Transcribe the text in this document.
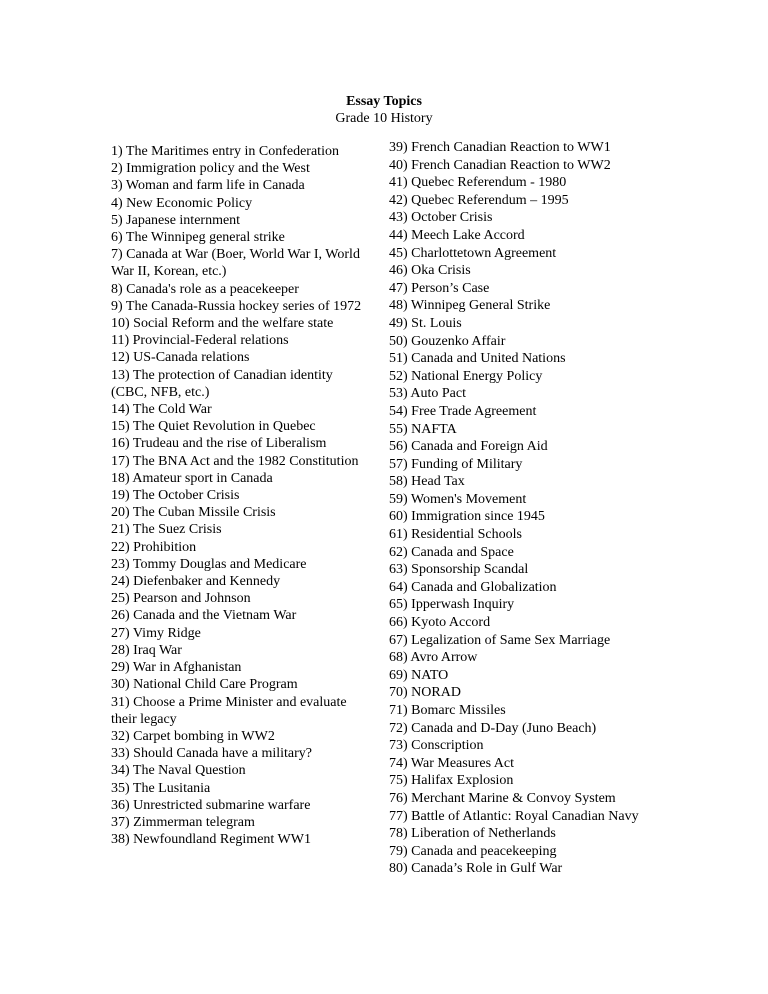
Essay Topics
Grade 10 History
1) The Maritimes entry in Confederation
2) Immigration policy and the West
3) Woman and farm life in Canada
4) New Economic Policy
5) Japanese internment
6) The Winnipeg general strike
7) Canada at War (Boer, World War I, World War II, Korean, etc.)
8) Canada's role as a peacekeeper
9) The Canada-Russia hockey series of 1972
10) Social Reform and the welfare state
11) Provincial-Federal relations
12) US-Canada relations
13) The protection of Canadian identity (CBC, NFB, etc.)
14) The Cold War
15) The Quiet Revolution in Quebec
16) Trudeau and the rise of Liberalism
17) The BNA Act and the 1982 Constitution
18) Amateur sport in Canada
19) The October Crisis
20) The Cuban Missile Crisis
21) The Suez Crisis
22) Prohibition
23) Tommy Douglas and Medicare
24) Diefenbaker and Kennedy
25) Pearson and Johnson
26) Canada and the Vietnam War
27) Vimy Ridge
28) Iraq War
29) War in Afghanistan
30) National Child Care Program
31) Choose a Prime Minister and evaluate their legacy
32) Carpet bombing in WW2
33) Should Canada have a military?
34) The Naval Question
35) The Lusitania
36) Unrestricted submarine warfare
37) Zimmerman telegram
38) Newfoundland Regiment WW1
39) French Canadian Reaction to WW1
40) French Canadian Reaction to WW2
41) Quebec Referendum - 1980
42) Quebec Referendum – 1995
43) October Crisis
44) Meech Lake Accord
45) Charlottetown Agreement
46) Oka Crisis
47) Person’s Case
48) Winnipeg General Strike
49) St. Louis
50) Gouzenko Affair
51) Canada and United Nations
52) National Energy Policy
53) Auto Pact
54) Free Trade Agreement
55) NAFTA
56) Canada and Foreign Aid
57) Funding of Military
58) Head Tax
59) Women's Movement
60) Immigration since 1945
61) Residential Schools
62) Canada and Space
63) Sponsorship Scandal
64) Canada and Globalization
65) Ipperwash Inquiry
66) Kyoto Accord
67) Legalization of Same Sex Marriage
68) Avro Arrow
69) NATO
70) NORAD
71) Bomarc Missiles
72) Canada and D-Day (Juno Beach)
73) Conscription
74) War Measures Act
75) Halifax Explosion
76) Merchant Marine & Convoy System
77) Battle of Atlantic: Royal Canadian Navy
78) Liberation of Netherlands
79) Canada and peacekeeping
80) Canada’s Role in Gulf War
